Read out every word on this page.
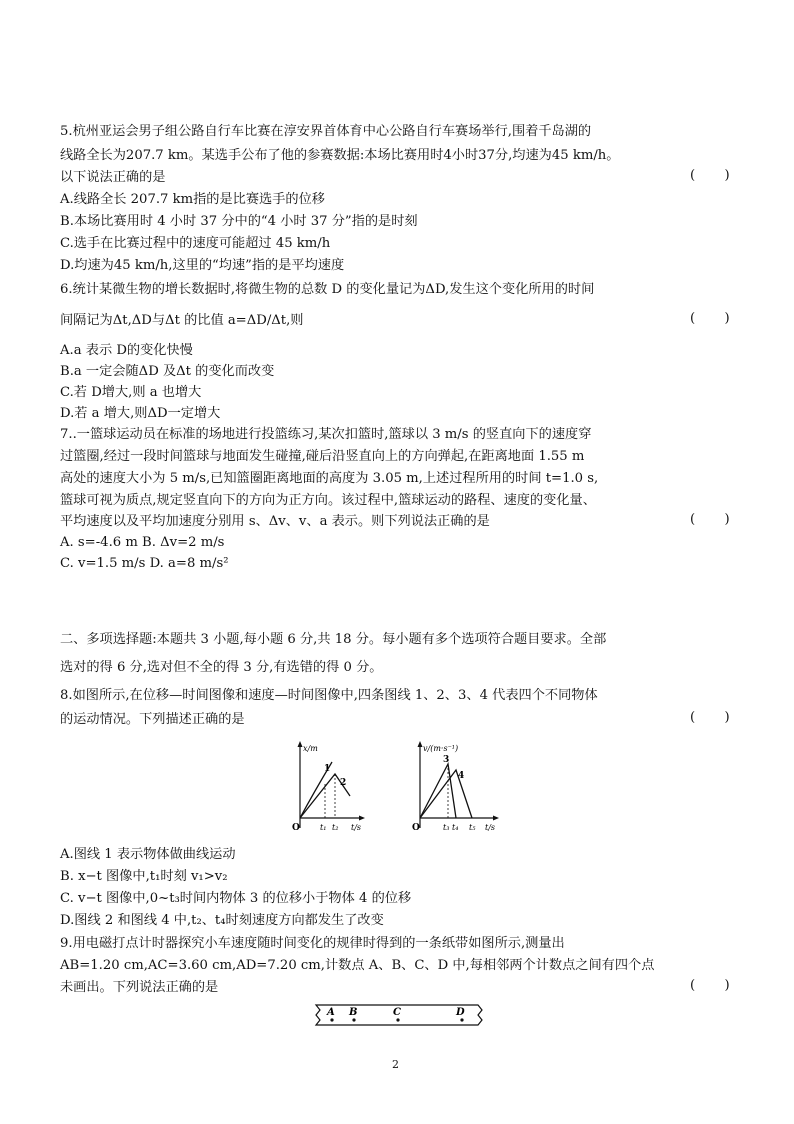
5.杭州亚运会男子组公路自行车比赛在淳安界首体育中心公路自行车赛场举行,围着千岛湖的
线路全长为207.7 km。某选手公布了他的参赛数据:本场比赛用时4小时37分,均速为45 km/h。
以下说法正确的是	(       )
A.线路全长 207.7 km指的是比赛选手的位移
B.本场比赛用时 4 小时 37 分中的“4 小时 37 分”指的是时刻
C.选手在比赛过程中的速度可能超过 45 km/h
D.均速为45 km/h,这里的“均速”指的是平均速度
6.统计某微生物的增长数据时,将微生物的总数 D 的变化量记为ΔD,发生这个变化所用的时间
间隔记为Δt,ΔD与Δt 的比值 a=ΔD/Δt,则	(       )
A.a 表示 D的变化快慢
B.a 一定会随ΔD 及Δt 的变化而改变
C.若 D增大,则 a 也增大
D.若 a 增大,则ΔD一定增大
7..一篮球运动员在标准的场地进行投篮练习,某次扣篮时,篮球以 3 m/s 的竖直向下的速度穿
过篮圈,经过一段时间篮球与地面发生碰撞,碰后沿竖直向上的方向弹起,在距离地面 1.55 m
高处的速度大小为 5 m/s,已知篮圈距离地面的高度为 3.05 m,上述过程所用的时间 t=1.0 s,
篮球可视为质点,规定竖直向下的方向为正方向。该过程中,篮球运动的路程、速度的变化量、
平均速度以及平均加速度分别用 s、Δv、v、a 表示。则下列说法正确的是	(       )
A. s=-4.6 m B. Δv=2 m/s
C. v=1.5 m/s D. a=8 m/s²
二、多项选择题:本题共 3 小题,每小题 6 分,共 18 分。每小题有多个选项符合题目要求。全部
选对的得 6 分,选对但不全的得 3 分,有选错的得 0 分。
8.如图所示,在位移—时间图像和速度—时间图像中,四条图线 1、2、3、4 代表四个不同物体
的运动情况。下列描述正确的是	(       )
x/m
t/s
O	t₁ t₂
1
2
v/(m·s⁻¹)
t/s
O	t₃ t₄ t₅
3
4
A.图线 1 表示物体做曲线运动
B. x−t 图像中,t₁时刻 v₁>v₂
C. v−t 图像中,0~t₃时间内物体 3 的位移小于物体 4 的位移
D.图线 2 和图线 4 中,t₂、t₄时刻速度方向都发生了改变
9.用电磁打点计时器探究小车速度随时间变化的规律时得到的一条纸带如图所示,测量出
AB=1.20 cm,AC=3.60 cm,AD=7.20 cm,计数点 A、B、C、D 中,每相邻两个计数点之间有四个点
未画出。下列说法正确的是	(       )
A B	C	D
2
